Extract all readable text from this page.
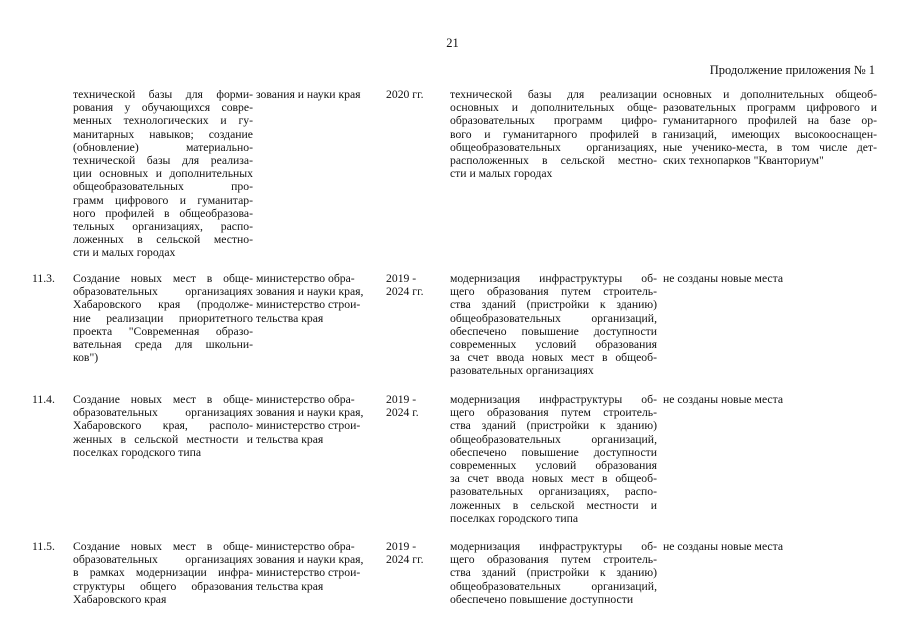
21
Продолжение приложения № 1
технической базы для форми-
рования у обучающихся совре-
менных технологических и гу-
манитарных навыков; создание
(обновление)          материально-
технической базы для реализа-
ции основных и дополнительных
общеобразовательных про-
грамм цифрового и гуманитар-
ного профилей в общеобразова-
тельных организациях, распо-
ложенных в сельской местно-
сти и малых городах
зования и науки края 2020 гг. технической базы для реализации
основных и дополнительных обще-
образовательных программ цифро-
вого и гуманитарного профилей в
общеобразовательных организациях,
расположенных в сельской местно-
сти и малых городах
основных и дополнительных общеоб-
разовательных программ цифрового и
гуманитарного профилей на базе ор-
ганизаций, имеющих высокооснащен-
ные ученико-места, в том числе дет-
ских технопарков "Кванториум"
11.3. Создание новых мест в обще-
образовательных организациях
Хабаровского края (продолже-
ние реализации приоритетного
проекта "Современная образо-
вательная среда для школьни-
ков")
министерство обра-
зования и науки края,
министерство строи-
тельства края
2019 -
2024 гг.
модернизация инфраструктуры об-
щего образования путем строитель-
ства зданий (пристройки к зданию)
общеобразовательных организаций,
обеспечено повышение доступности
современных условий образования
за счет ввода новых мест в общеоб-
разовательных организациях
не созданы новые места
11.4. Создание новых мест в обще-
образовательных организациях
Хабаровского края, располо-
женных в сельской местности и
поселках городского типа
министерство обра-
зования и науки края,
министерство строи-
тельства края
2019 -
2024 г.
модернизация инфраструктуры об-
щего образования путем строитель-
ства зданий (пристройки к зданию)
общеобразовательных организаций,
обеспечено повышение доступности
современных условий образования
за счет ввода новых мест в общеоб-
разовательных организациях, распо-
ложенных в сельской местности и
поселках городского типа
не созданы новые места
11.5. Создание новых мест в обще-
образовательных организациях
в рамках модернизации инфра-
структуры общего образования
Хабаровского края
министерство обра-
зования и науки края,
министерство строи-
тельства края
2019 -
2024 гг.
модернизация инфраструктуры об-
щего образования путем строитель-
ства зданий (пристройки к зданию)
общеобразовательных организаций,
обеспечено повышение доступности
не созданы новые места
